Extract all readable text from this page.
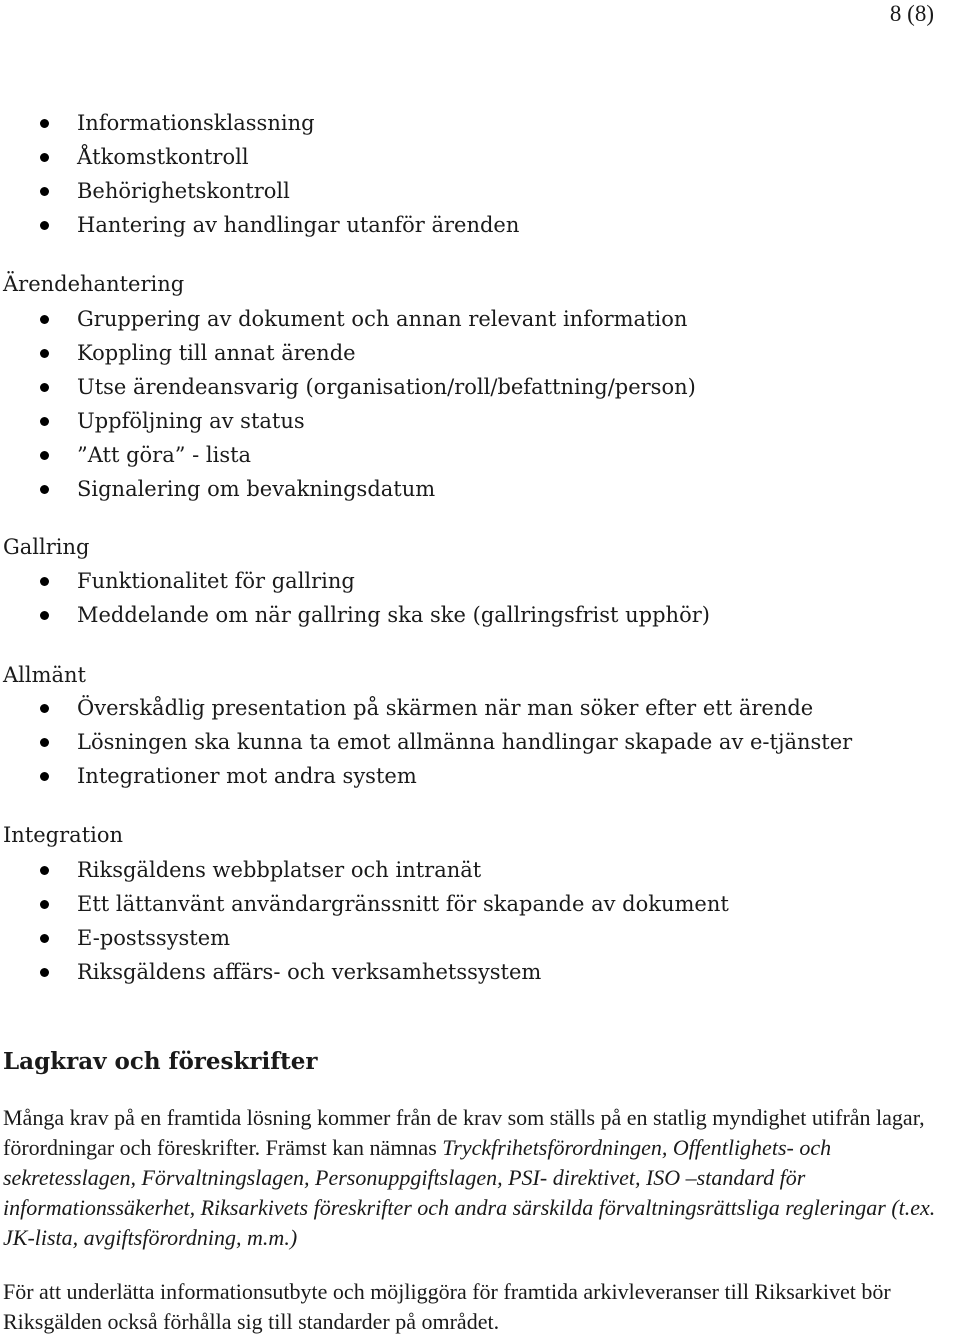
8 (8)
Informationsklassning
Åtkomstkontroll
Behörighetskontroll
Hantering av handlingar utanför ärenden
Ärendehantering
Gruppering av dokument och annan relevant information
Koppling till annat ärende
Utse ärendeansvarig (organisation/roll/befattning/person)
Uppföljning av status
”Att göra” - lista
Signalering om bevakningsdatum
Gallring
Funktionalitet för gallring
Meddelande om när gallring ska ske (gallringsfrist upphör)
Allmänt
Överskådlig presentation på skärmen när man söker efter ett ärende
Lösningen ska kunna ta emot allmänna handlingar skapade av e-tjänster
Integrationer mot andra system
Integration
Riksgäldens webbplatser och intranät
Ett lättanvänt användargränssnitt för skapande av dokument
E-postssystem
Riksgäldens affärs- och verksamhetssystem
Lagkrav och föreskrifter

Många krav på en framtida lösning kommer från de krav som ställs på en statlig myndighet utifrån lagar, förordningar och föreskrifter. Främst kan nämnas Tryckfrihetsförordningen, Offentlighets- och sekretesslagen, Förvaltningslagen, Personuppgiftslagen, PSI- direktivet, ISO –standard för informationssäkerhet, Riksarkivets föreskrifter och andra särskilda förvaltningsrättsliga regleringar (t.ex. JK-lista, avgiftsförordning, m.m.)

För att underlätta informationsutbyte och möjliggöra för framtida arkivleveranser till Riksarkivet bör Riksgälden också förhålla sig till standarder på området.
